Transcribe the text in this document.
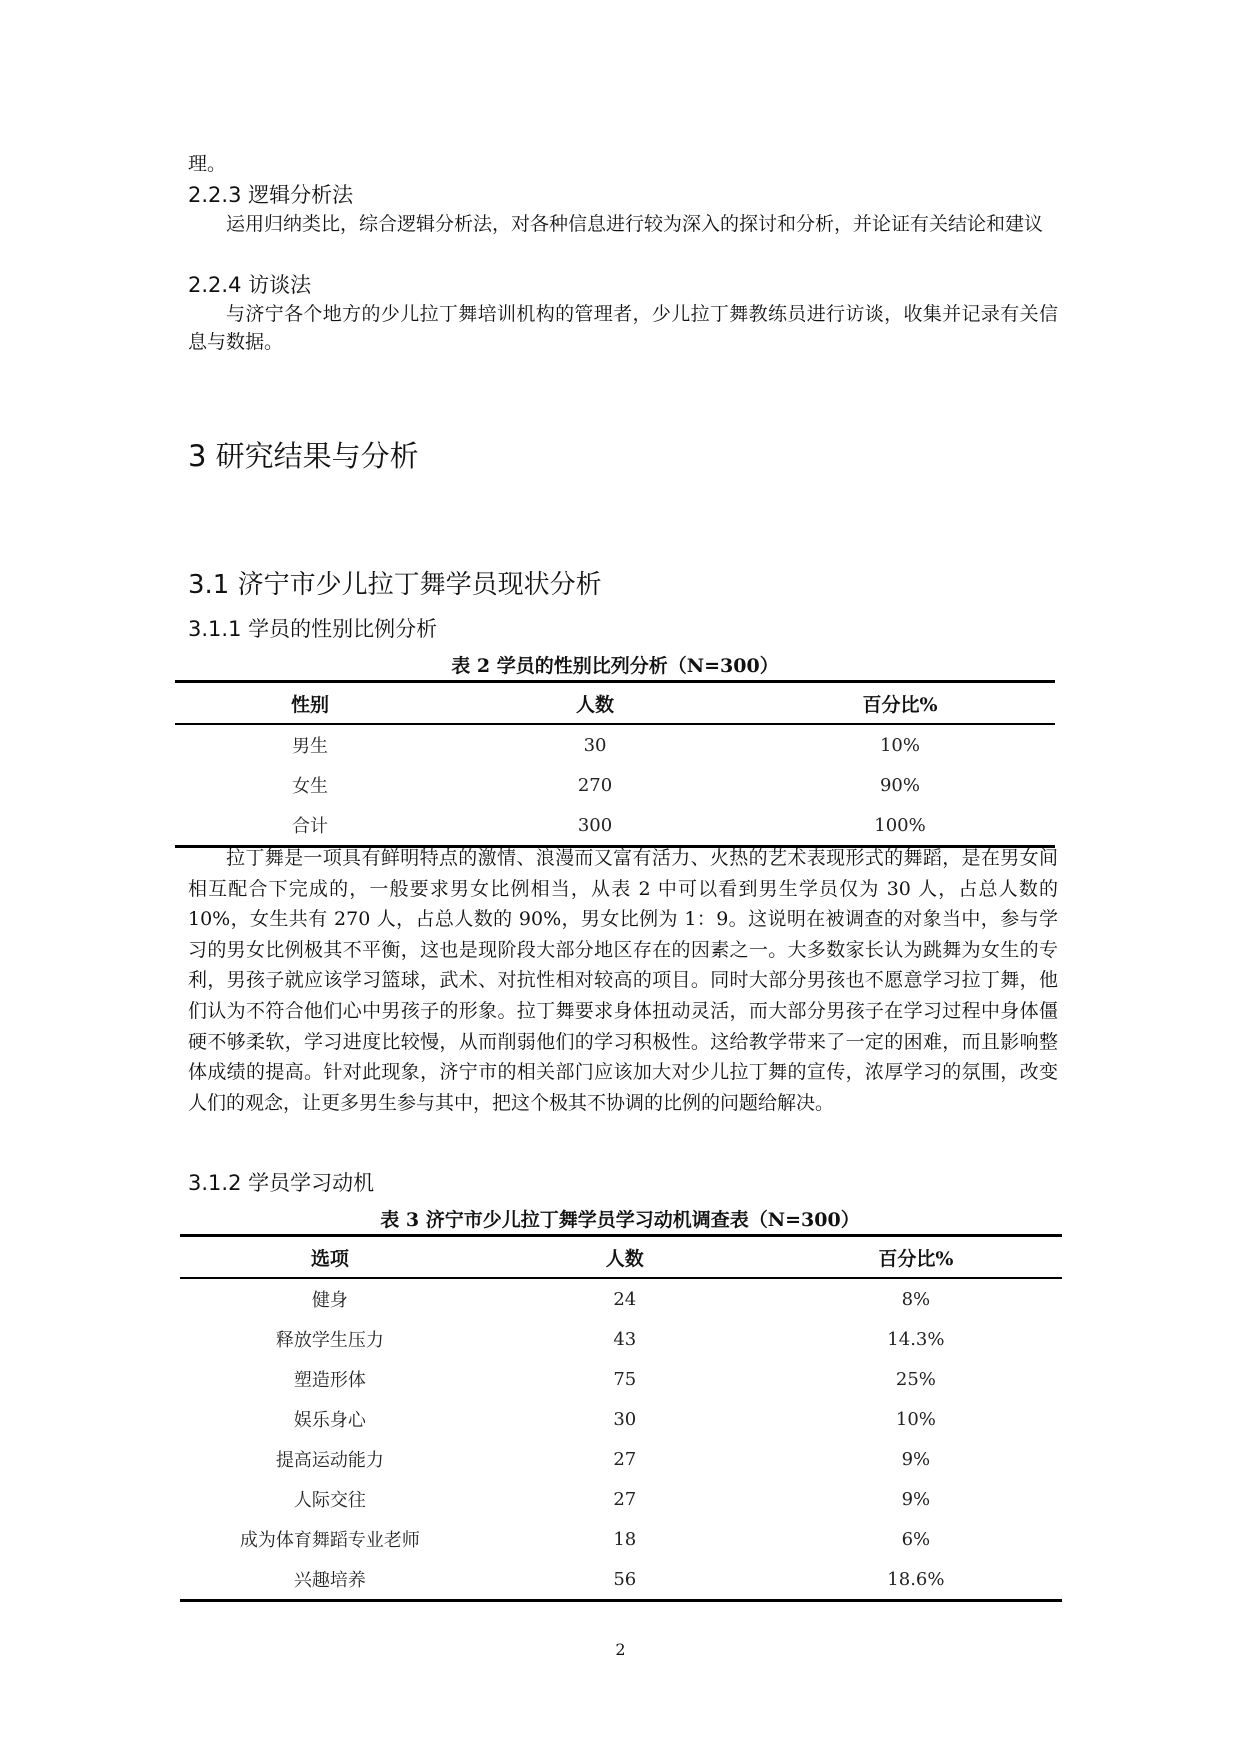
理。
2.2.3 逻辑分析法
运用归纳类比，综合逻辑分析法，对各种信息进行较为深入的探讨和分析，并论证有关结论和建议
2.2.4 访谈法
与济宁各个地方的少儿拉丁舞培训机构的管理者，少儿拉丁舞教练员进行访谈，收集并记录有关信息与数据。
3 研究结果与分析
3.1 济宁市少儿拉丁舞学员现状分析
3.1.1 学员的性别比例分析
表 2 学员的性别比列分析（N=300）
性别	人数	百分比%
男生	30	10%
女生	270	90%
合计	300	100%
拉丁舞是一项具有鲜明特点的激情、浪漫而又富有活力、火热的艺术表现形式的舞蹈，是在男女间相互配合下完成的，一般要求男女比例相当，从表 2 中可以看到男生学员仅为 30 人，占总人数的 10%，女生共有 270 人，占总人数的 90%，男女比例为 1：9。这说明在被调查的对象当中，参与学习的男女比例极其不平衡，这也是现阶段大部分地区存在的因素之一。大多数家长认为跳舞为女生的专利，男孩子就应该学习篮球，武术、对抗性相对较高的项目。同时大部分男孩也不愿意学习拉丁舞，他们认为不符合他们心中男孩子的形象。拉丁舞要求身体扭动灵活，而大部分男孩子在学习过程中身体僵硬不够柔软，学习进度比较慢，从而削弱他们的学习积极性。这给教学带来了一定的困难，而且影响整体成绩的提高。针对此现象，济宁市的相关部门应该加大对少儿拉丁舞的宣传，浓厚学习的氛围，改变人们的观念，让更多男生参与其中，把这个极其不协调的比例的问题给解决。
3.1.2 学员学习动机
表 3 济宁市少儿拉丁舞学员学习动机调查表（N=300）
选项	人数	百分比%
健身	24	8%
释放学生压力	43	14.3%
塑造形体	75	25%
娱乐身心	30	10%
提高运动能力	27	9%
人际交往	27	9%
成为体育舞蹈专业老师	18	6%
兴趣培养	56	18.6%
2
